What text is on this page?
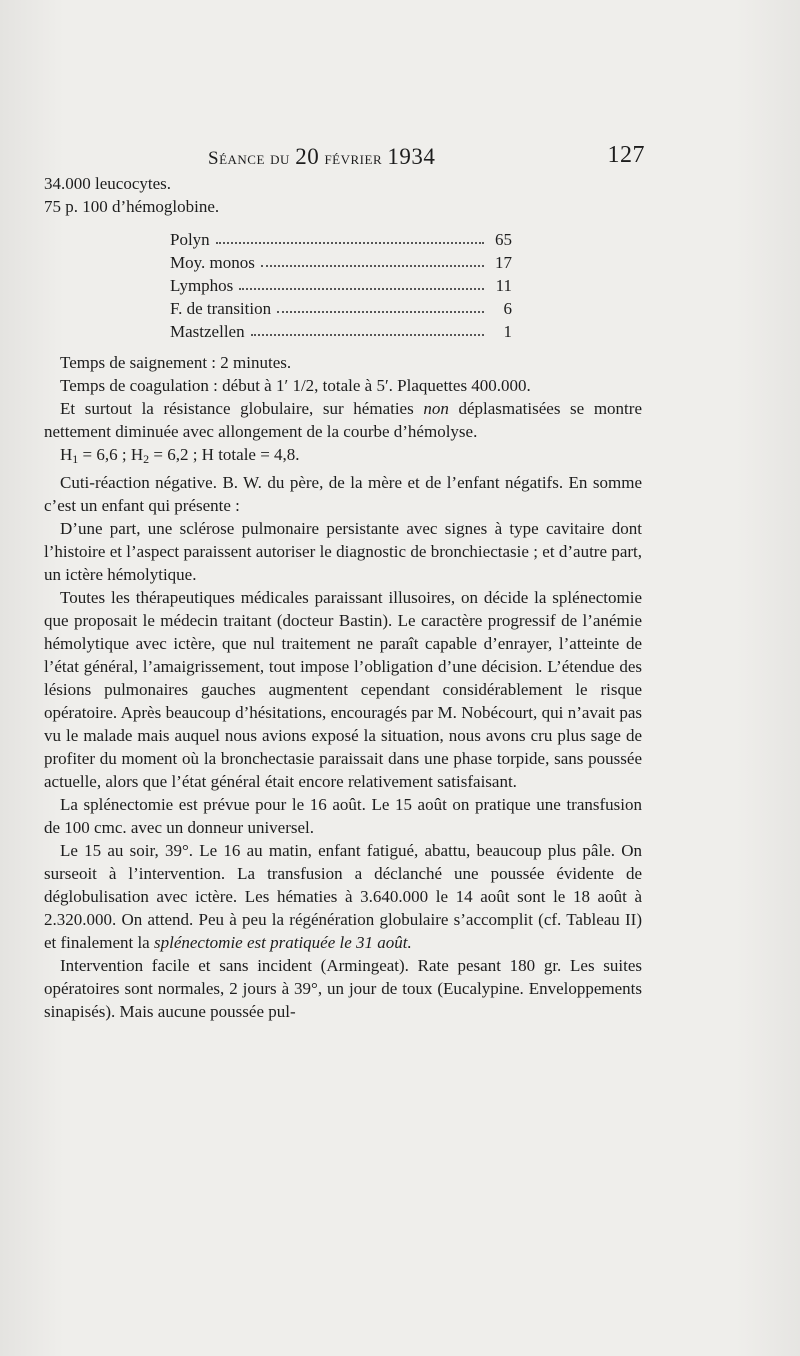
Séance du 20 février 1934	127
34.000 leucocytes.
75 p. 100 d’hémoglobine.
Polyn	65
Moy. monos	17
Lymphos	11
F. de transition	6
Mastzellen	1

Temps de saignement : 2 minutes.

Temps de coagulation : début à 1′ 1/2, totale à 5′. Plaquettes 400.000.

Et surtout la résistance globulaire, sur hématies non déplasmatisées se montre nettement diminuée avec allongement de la courbe d’hémolyse.

$H_1 = 6,6$ ; $H_2 = 6,2$ ; H totale = 4,8.

Cuti-réaction négative. B. W. du père, de la mère et de l’enfant négatifs. En somme c’est un enfant qui présente :

D’une part, une sclérose pulmonaire persistante avec signes à type cavitaire dont l’histoire et l’aspect paraissent autoriser le diagnostic de bronchiectasie ; et d’autre part, un ictère hémolytique.

Toutes les thérapeutiques médicales paraissant illusoires, on décide la splénectomie que proposait le médecin traitant (docteur Bastin). Le caractère progressif de l’anémie hémolytique avec ictère, que nul traitement ne paraît capable d’enrayer, l’atteinte de l’état général, l’amaigrissement, tout impose l’obligation d’une décision. L’étendue des lésions pulmonaires gauches augmentent cependant considérablement le risque opératoire. Après beaucoup d’hésitations, encouragés par M. Nobécourt, qui n’avait pas vu le malade mais auquel nous avions exposé la situation, nous avons cru plus sage de profiter du moment où la bronchectasie paraissait dans une phase torpide, sans poussée actuelle, alors que l’état général était encore relativement satisfaisant.

La splénectomie est prévue pour le 16 août. Le 15 août on pratique une transfusion de 100 cmc. avec un donneur universel.

Le 15 au soir, 39°. Le 16 au matin, enfant fatigué, abattu, beaucoup plus pâle. On surseoit à l’intervention. La transfusion a déclanché une poussée évidente de déglobulisation avec ictère. Les hématies à 3.640.000 le 14 août sont le 18 août à 2.320.000. On attend. Peu à peu la régénération globulaire s’accomplit (cf. Tableau II) et finalement la splénectomie est pratiquée le 31 août.

Intervention facile et sans incident (Armingeat). Rate pesant 180 gr. Les suites opératoires sont normales, 2 jours à 39°, un jour de toux (Eucalypine. Enveloppements sinapisés). Mais aucune poussée pul-
